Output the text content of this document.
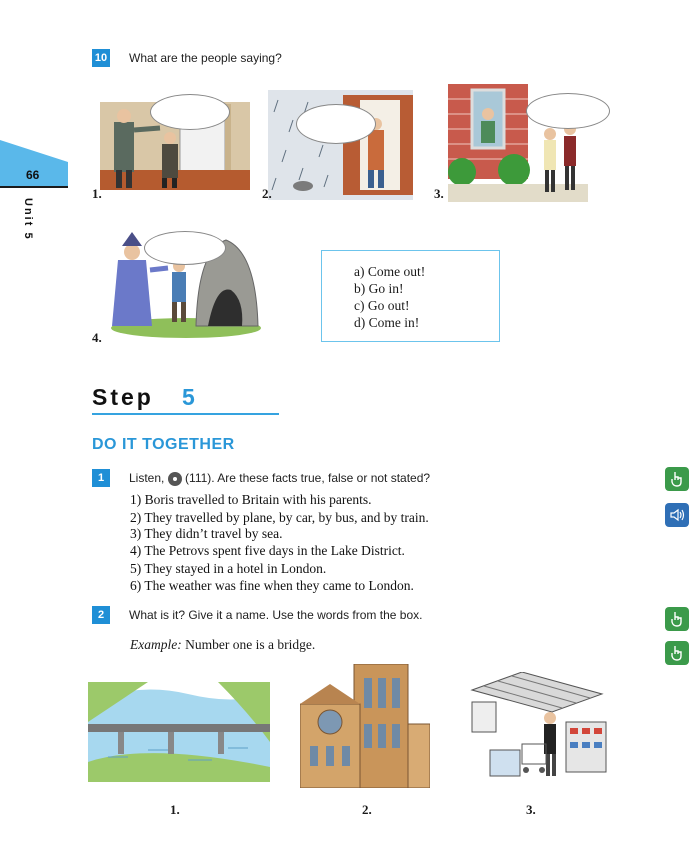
66
Unit 5
10 What are the people saying?
1.	2.	3.
4.
a) Come out!
b) Go in!
c) Go out!
d) Come in!
Step 5
DO IT TOGETHER
1	Listen, (111). Are these facts true, false or not stated?
1) Boris travelled to Britain with his parents.
2) They travelled by plane, by car, by bus, and by train.
3) They didn’t travel by sea.
4) The Petrovs spent five days in the Lake District.
5) They stayed in a hotel in London.
6) The weather was fine when they came to London.
2	What is it? Give it a name. Use the words from the box.
Example: Number one is a bridge.
1.	2.	3.
